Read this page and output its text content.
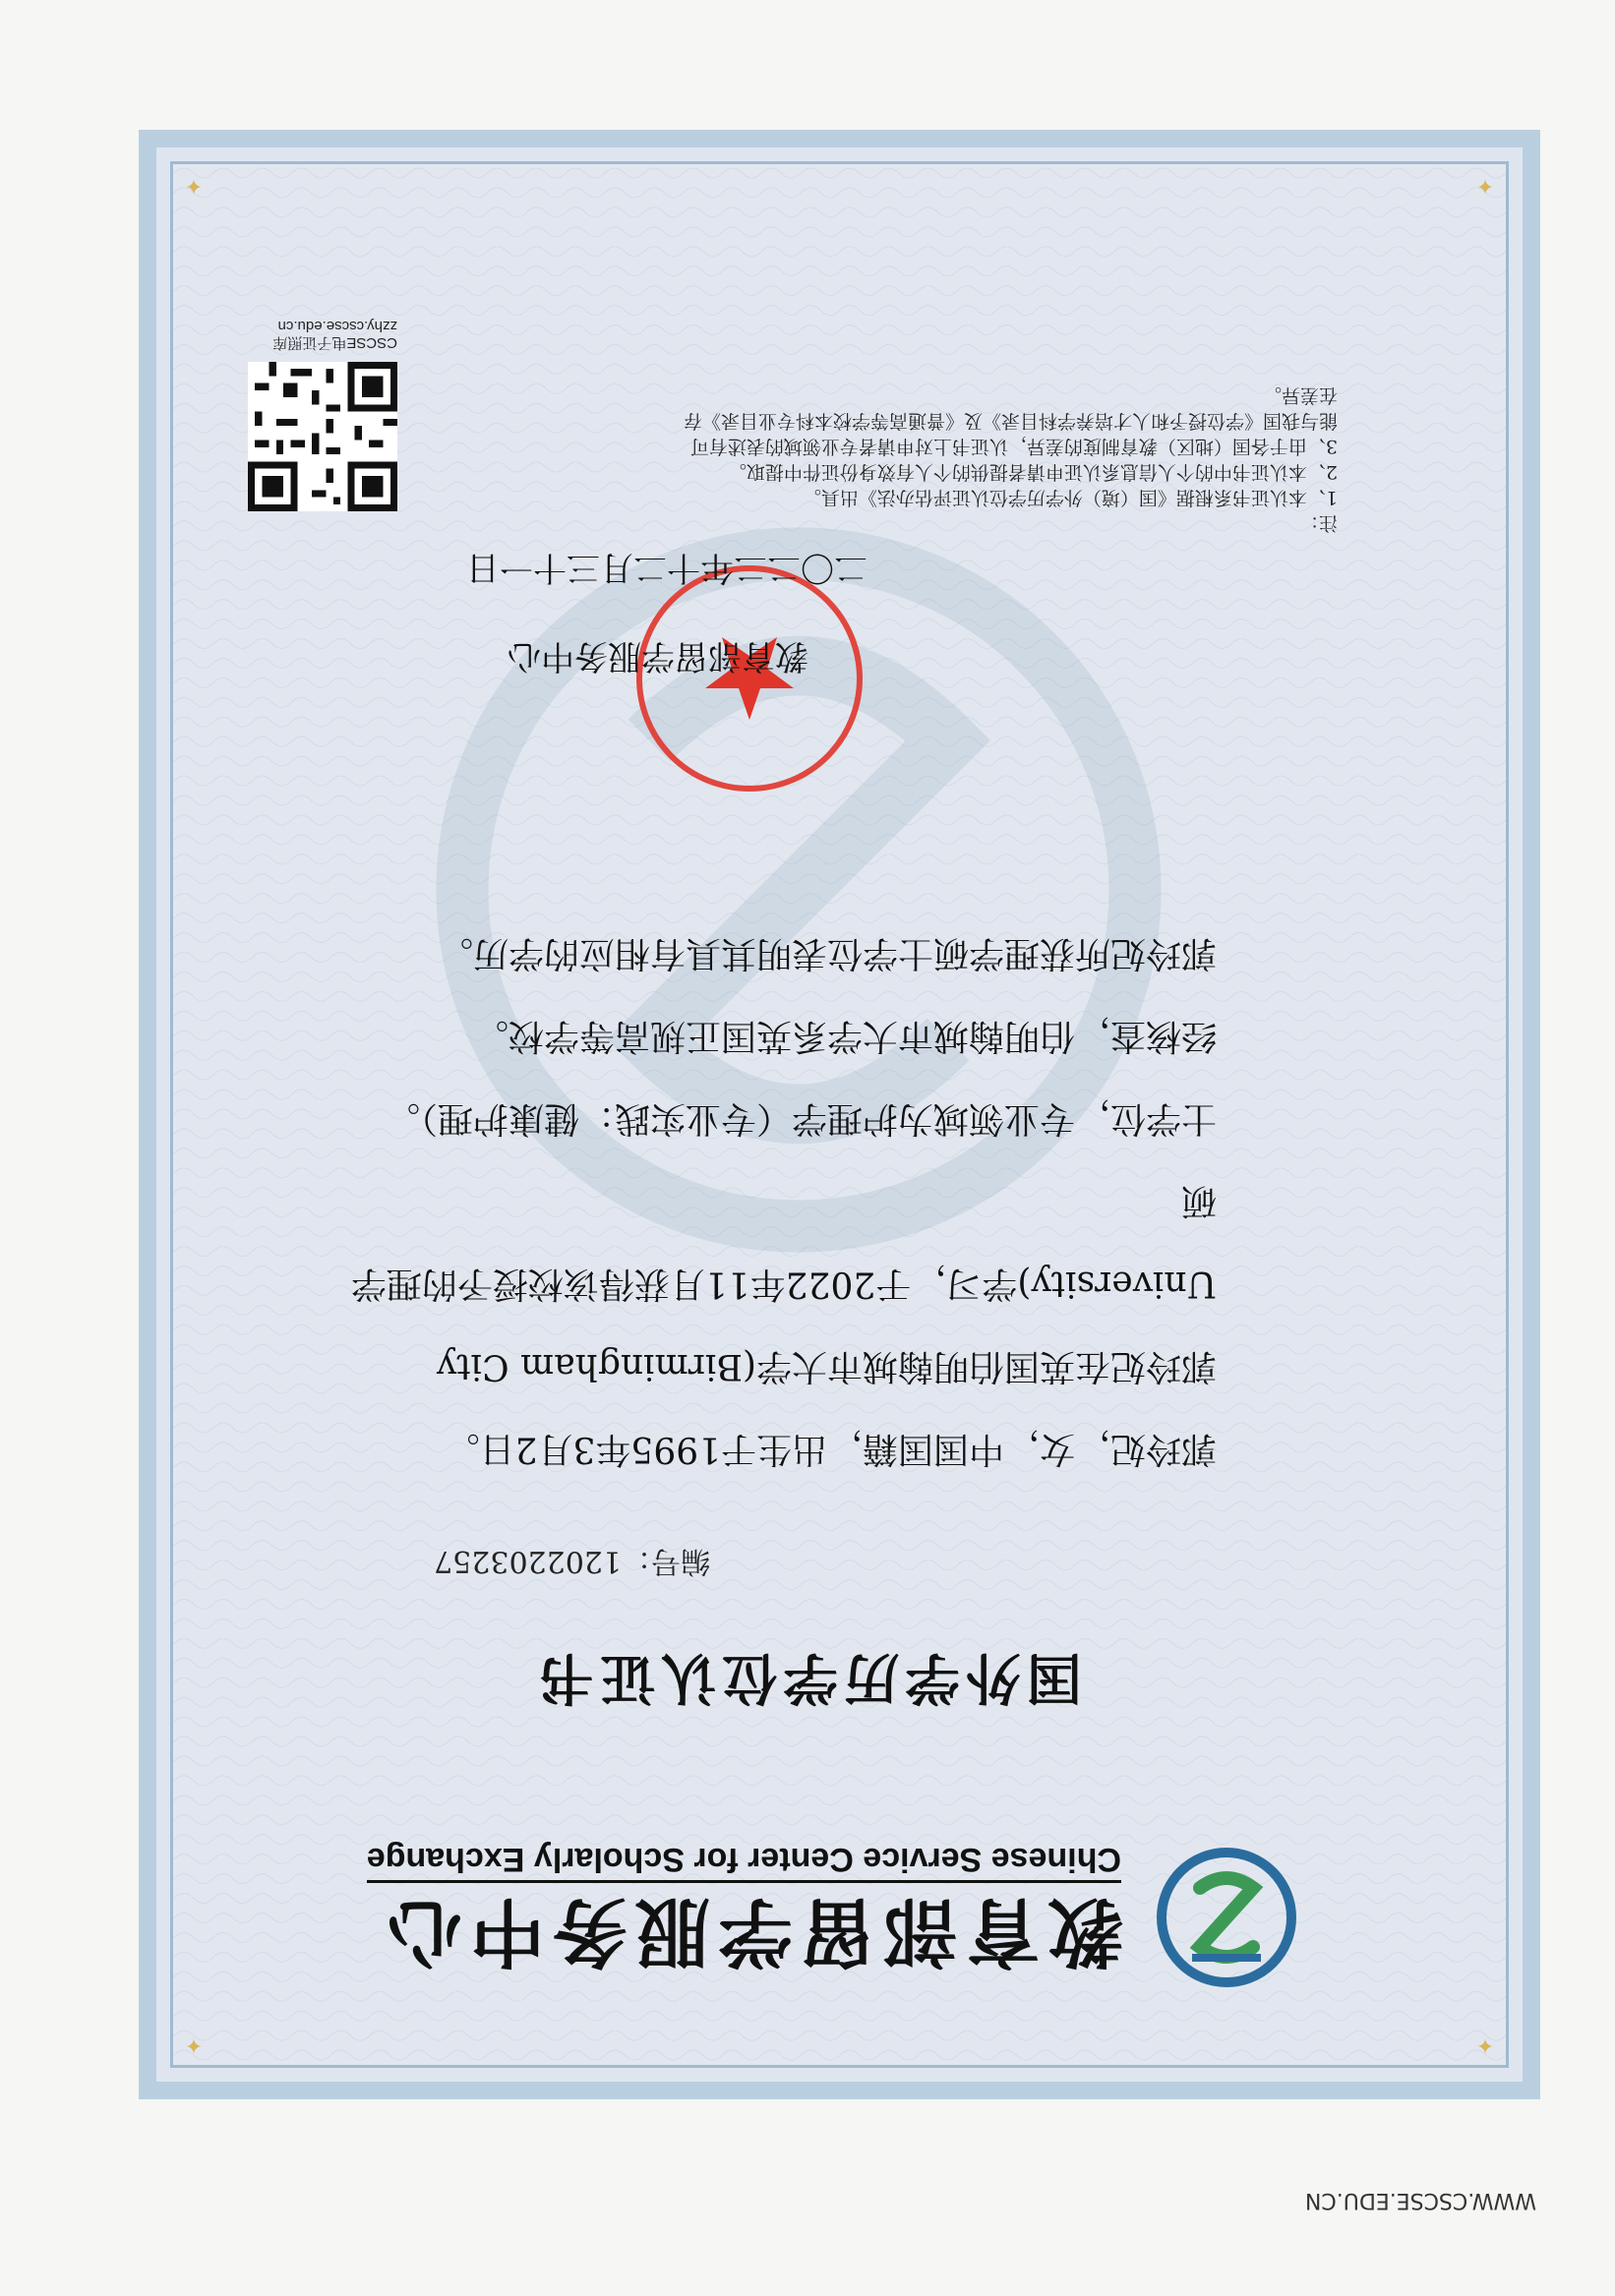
WWW.CSCSE.EDU.CN
✦
✦
✦
✦
教育部留学服务中心
Chinese Service Center for Scholarly Exchange
国外学历学位认证书
编号：1202203257

郭玲妃，女，中国国籍，出生于1995年3月2日。

郭玲妃在英国伯明翰城市大学(Birmingham City

University)学习，于2022年11月获得该校授予的理学硕

士学位，专业领域为护理学（专业实践：健康护理）。

经核查，伯明翰城市大学系英国正规高等学校。

郭玲妃所获理学硕士学位表明其具有相应的学历。

教育部留学服务中心
二〇二二年十二月三十一日
CSCSE电子证照库
zzhy.cscse.edu.cn

注：

1、本认证书系根据《国（境）外学历学位认证评估办法》出具。

2、本认证书中的个人信息系认证申请者提供的个人有效身份证件中提取。

3、由于各国（地区）教育制度的差异，认证书上对申请者专业领域的表述有可

能与我国《学位授予和人才培养学科目录》及《普通高等学校本科专业目录》存

在差异。
